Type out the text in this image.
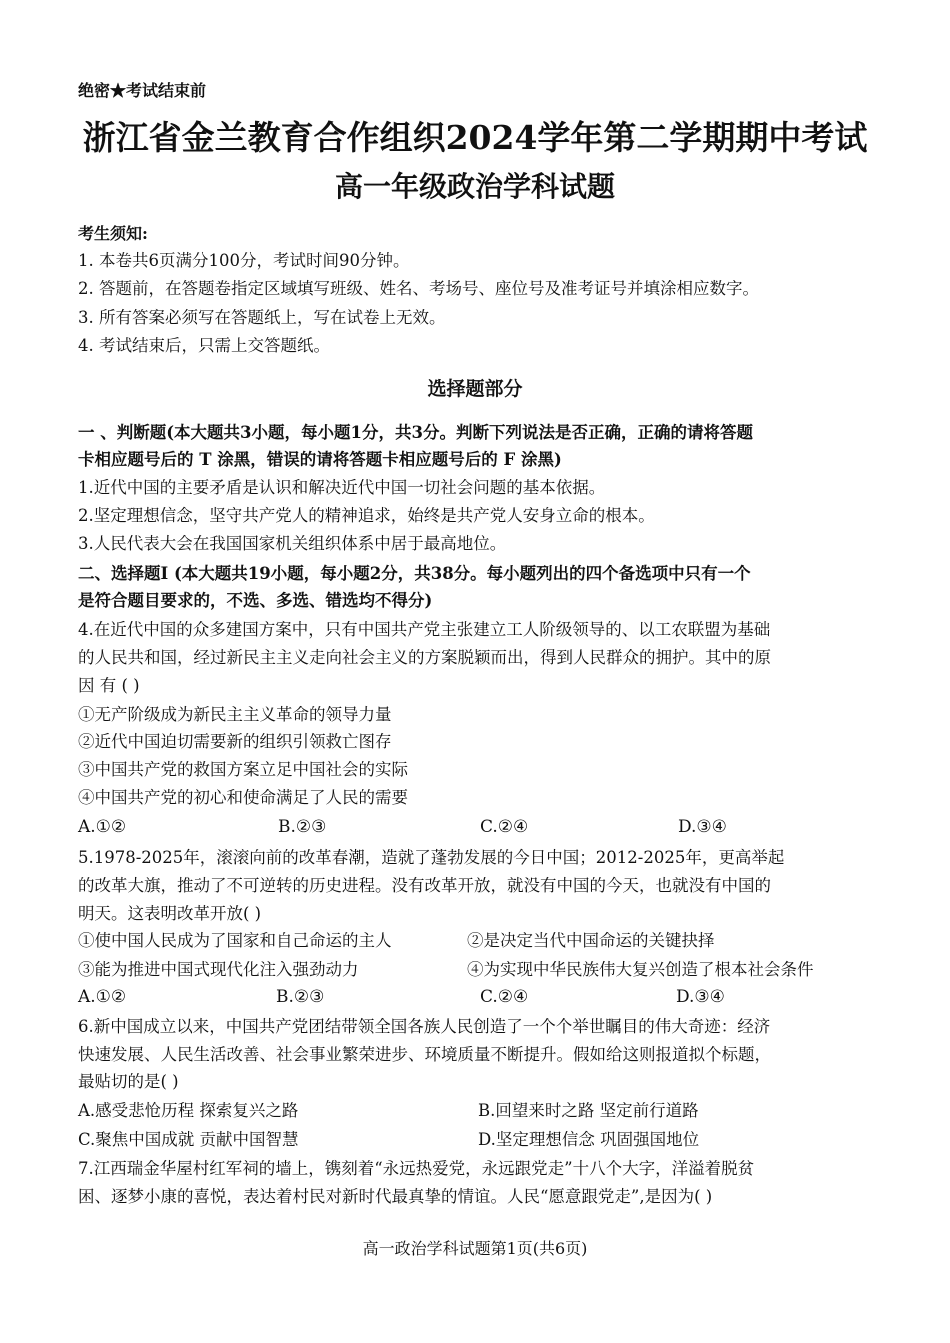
绝密★考试结束前
浙江省金兰教育合作组织2024学年第二学期期中考试
高一年级政治学科试题
考生须知:
1. 本卷共6页满分100分，考试时间90分钟。
2. 答题前，在答题卷指定区域填写班级、姓名、考场号、座位号及准考证号并填涂相应数字。
3. 所有答案必须写在答题纸上，写在试卷上无效。
4. 考试结束后，只需上交答题纸。
选择题部分
一 、判断题(本大题共3小题，每小题1分，共3分。判断下列说法是否正确，正确的请将答题
卡相应题号后的 T 涂黑，错误的请将答题卡相应题号后的 F 涂黑)
1.近代中国的主要矛盾是认识和解决近代中国一切社会问题的基本依据。
2.坚定理想信念，坚守共产党人的精神追求，始终是共产党人安身立命的根本。
3.人民代表大会在我国国家机关组织体系中居于最高地位。
二、选择题I (本大题共19小题，每小题2分，共38分。每小题列出的四个备选项中只有一个
是符合题目要求的，不选、多选、错选均不得分)
4.在近代中国的众多建国方案中，只有中国共产党主张建立工人阶级领导的、以工农联盟为基础
的人民共和国，经过新民主主义走向社会主义的方案脱颖而出，得到人民群众的拥护。其中的原
因 有 ( )
①无产阶级成为新民主主义革命的领导力量
②近代中国迫切需要新的组织引领救亡图存
③中国共产党的救国方案立足中国社会的实际
④中国共产党的初心和使命满足了人民的需要
A.①②	B.②③	C.②④	D.③④
5.1978-2025年，滚滚向前的改革春潮，造就了蓬勃发展的今日中国；2012-2025年，更高举起
的改革大旗，推动了不可逆转的历史进程。没有改革开放，就没有中国的今天，也就没有中国的
明天。这表明改革开放( )
①使中国人民成为了国家和自己命运的主人	②是决定当代中国命运的关键抉择
③能为推进中国式现代化注入强劲动力	④为实现中华民族伟大复兴创造了根本社会条件
A.①②	B.②③	C.②④	D.③④
6.新中国成立以来，中国共产党团结带领全国各族人民创造了一个个举世瞩目的伟大奇迹：经济
快速发展、人民生活改善、社会事业繁荣进步、环境质量不断提升。假如给这则报道拟个标题，
最贴切的是( )
A.感受悲怆历程 探索复兴之路	B.回望来时之路 坚定前行道路
C.聚焦中国成就 贡献中国智慧	D.坚定理想信念 巩固强国地位
7.江西瑞金华屋村红军祠的墙上，镌刻着“永远热爱党，永远跟党走”十八个大字，洋溢着脱贫
困、逐梦小康的喜悦，表达着村民对新时代最真挚的情谊。人民“愿意跟党走”,是因为( )
高一政治学科试题第1页(共6页)
